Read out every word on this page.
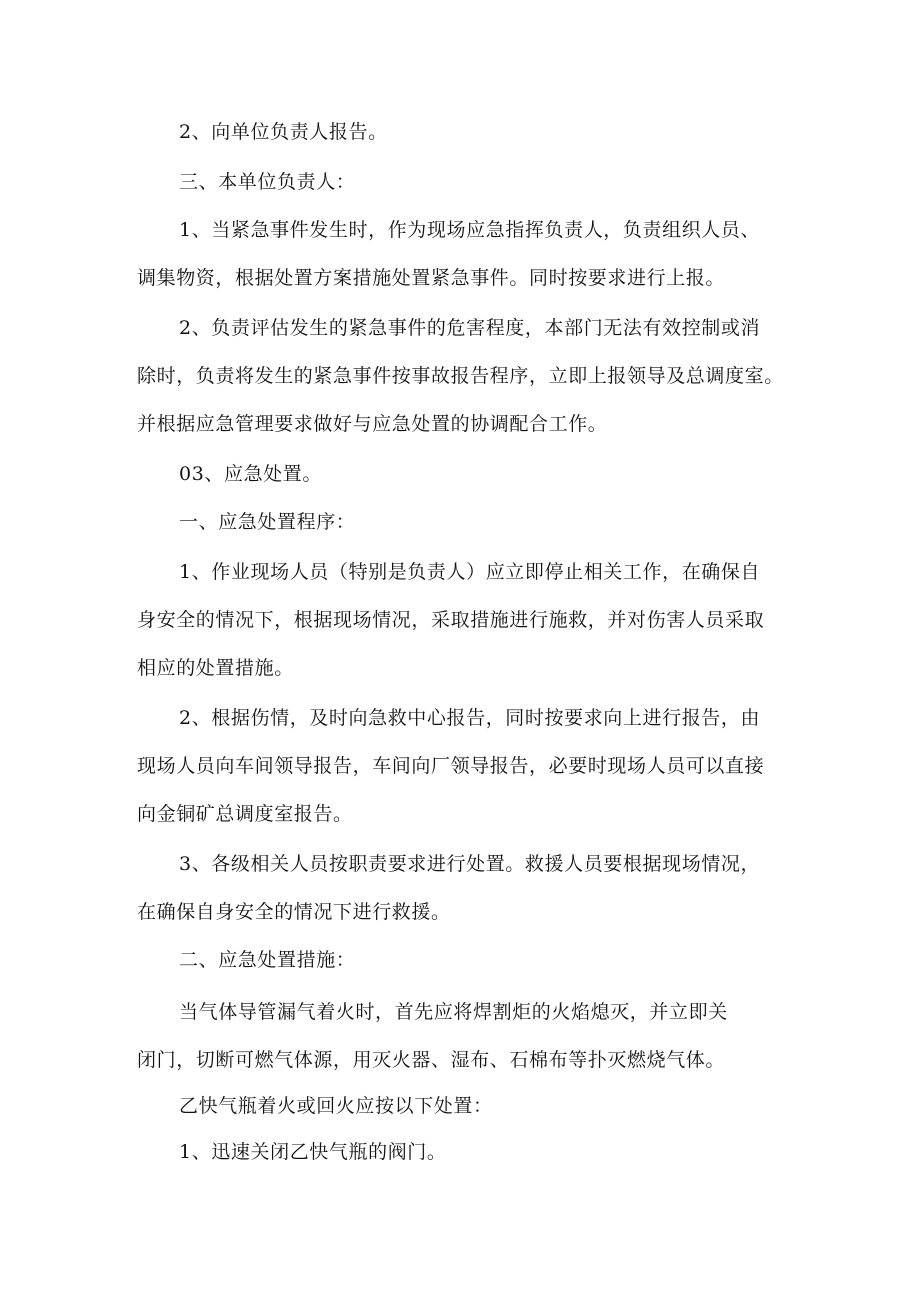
2、向单位负责人报告。
三、本单位负责人：
1、当紧急事件发生时，作为现场应急指挥负责人，负责组织人员、
调集物资，根据处置方案措施处置紧急事件。同时按要求进行上报。
2、负责评估发生的紧急事件的危害程度，本部门无法有效控制或消
除时，负责将发生的紧急事件按事故报告程序，立即上报领导及总调度室。
并根据应急管理要求做好与应急处置的协调配合工作。
03、应急处置。
一、应急处置程序：
1、作业现场人员（特别是负责人）应立即停止相关工作，在确保自
身安全的情况下，根据现场情况，采取措施进行施救，并对伤害人员采取
相应的处置措施。
2、根据伤情，及时向急救中心报告，同时按要求向上进行报告，由
现场人员向车间领导报告，车间向厂领导报告，必要时现场人员可以直接
向金铜矿总调度室报告。
3、各级相关人员按职责要求进行处置。救援人员要根据现场情况，
在确保自身安全的情况下进行救援。
二、应急处置措施：
当气体导管漏气着火时，首先应将焊割炬的火焰熄灭，并立即关
闭门，切断可燃气体源，用灭火器、湿布、石棉布等扑灭燃烧气体。
乙快气瓶着火或回火应按以下处置：
1、迅速关闭乙快气瓶的阀门。
